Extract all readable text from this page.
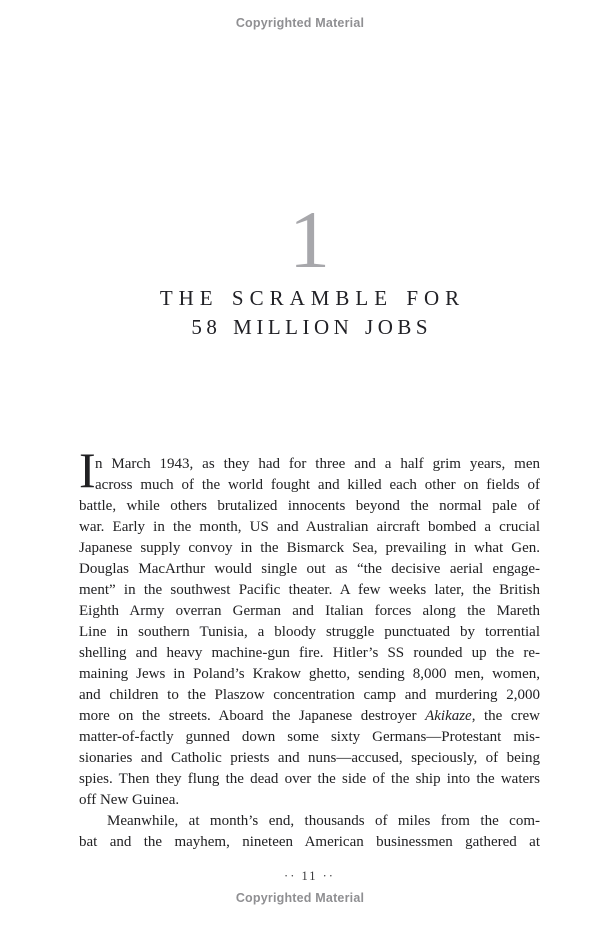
Copyrighted Material
1
THE SCRAMBLE FOR
58 MILLION JOBS
I n March 1943, as they had for three and a half grim years, men
across much of the world fought and killed each other on fields of
battle, while others brutalized innocents beyond the normal pale of
war. Early in the month, US and Australian aircraft bombed a crucial
Japanese supply convoy in the Bismarck Sea, prevailing in what Gen.
Douglas MacArthur would single out as “the decisive aerial engage-
ment” in the southwest Pacific theater. A few weeks later, the British
Eighth Army overran German and Italian forces along the Mareth
Line in southern Tunisia, a bloody struggle punctuated by torrential
shelling and heavy machine-gun fire. Hitler’s SS rounded up the re-
maining Jews in Poland’s Krakow ghetto, sending 8,000 men, women,
and children to the Plaszow concentration camp and murdering 2,000
more on the streets. Aboard the Japanese destroyer Akikaze, the crew
matter-of-factly gunned down some sixty Germans—Protestant mis-
sionaries and Catholic priests and nuns—accused, speciously, of being
spies. Then they flung the dead over the side of the ship into the waters
off New Guinea.
Meanwhile, at month’s end, thousands of miles from the com-
bat and the mayhem, nineteen American businessmen gathered at
·· 11 ··
Copyrighted Material
